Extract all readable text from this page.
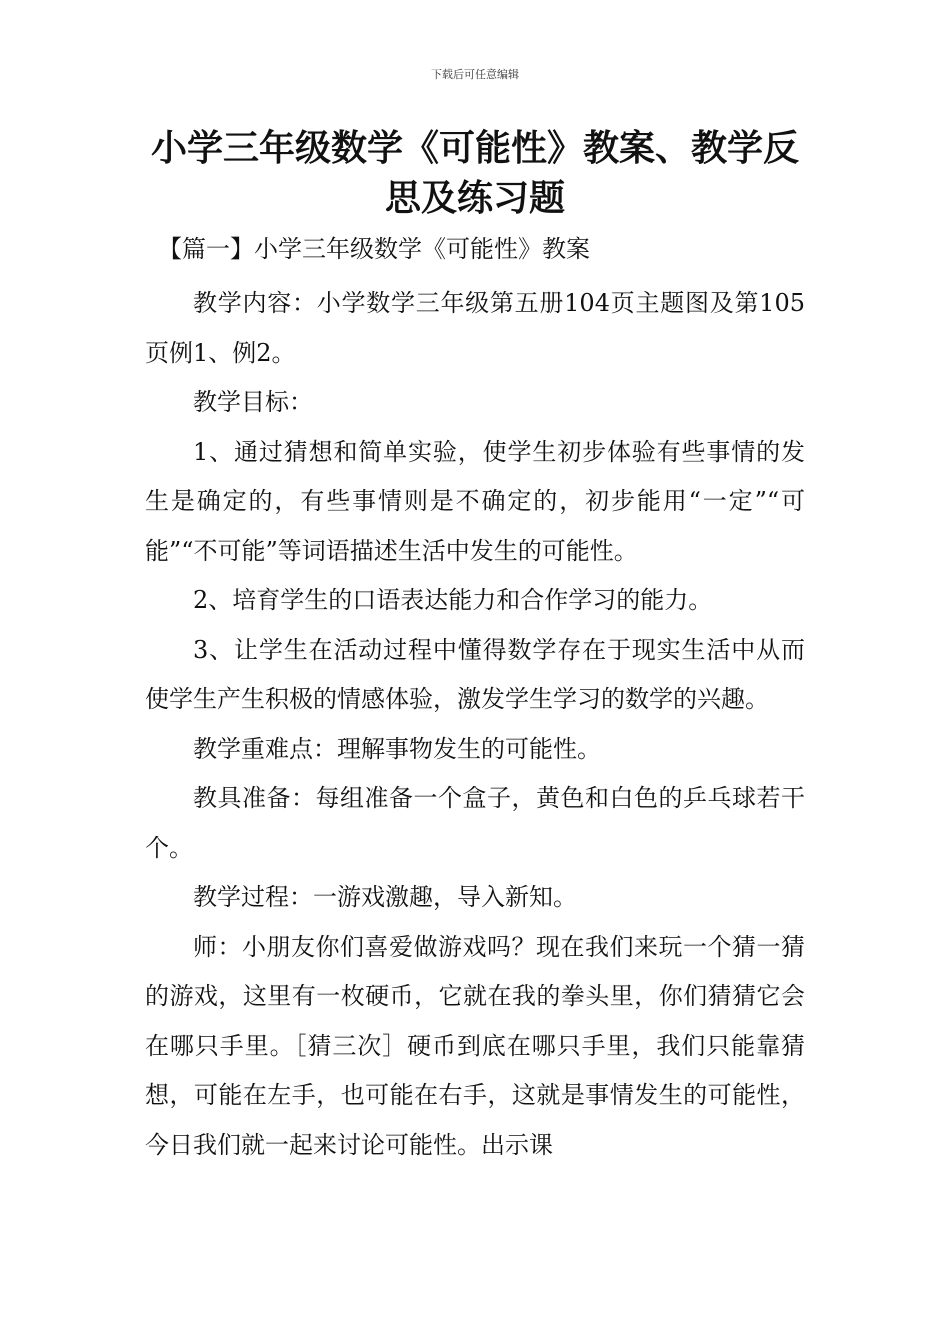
下载后可任意编辑
小学三年级数学《可能性》教案、教学反思及练习题
【篇一】小学三年级数学《可能性》教案

教学内容：小学数学三年级第五册104页主题图及第105页例1、例2。

教学目标：

1、通过猜想和简单实验，使学生初步体验有些事情的发生是确定的，有些事情则是不确定的，初步能用“一定”“可能”“不可能”等词语描述生活中发生的可能性。

2、培育学生的口语表达能力和合作学习的能力。

3、让学生在活动过程中懂得数学存在于现实生活中从而使学生产生积极的情感体验，激发学生学习的数学的兴趣。

教学重难点：理解事物发生的可能性。

教具准备：每组准备一个盒子，黄色和白色的乒乓球若干个。

教学过程：一游戏激趣，导入新知。

师：小朋友你们喜爱做游戏吗？现在我们来玩一个猜一猜的游戏，这里有一枚硬币，它就在我的拳头里，你们猜猜它会在哪只手里。［猜三次］硬币到底在哪只手里，我们只能靠猜想，可能在左手，也可能在右手，这就是事情发生的可能性，今日我们就一起来讨论可能性。出示课
